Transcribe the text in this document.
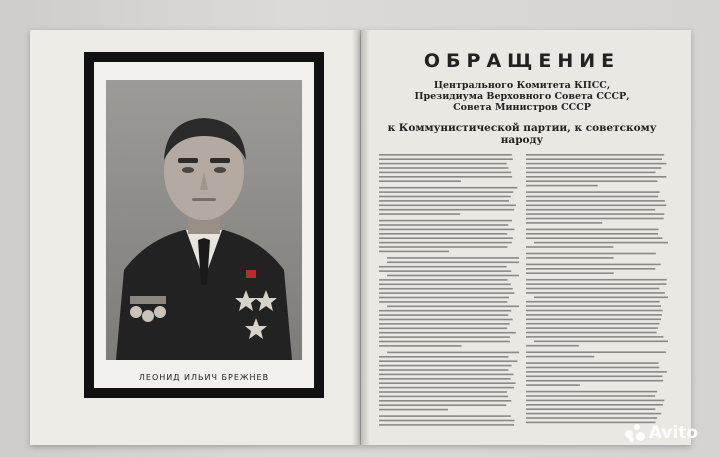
ЛЕОНИД ИЛЬИЧ БРЕЖНЕВ
ОБРАЩЕНИЕ
Центрального Комитета КПСС,
Президиума Верховного Совета СССР,
Совета Министров СССР
к Коммунистической партии, к советскому
народу
Avito
